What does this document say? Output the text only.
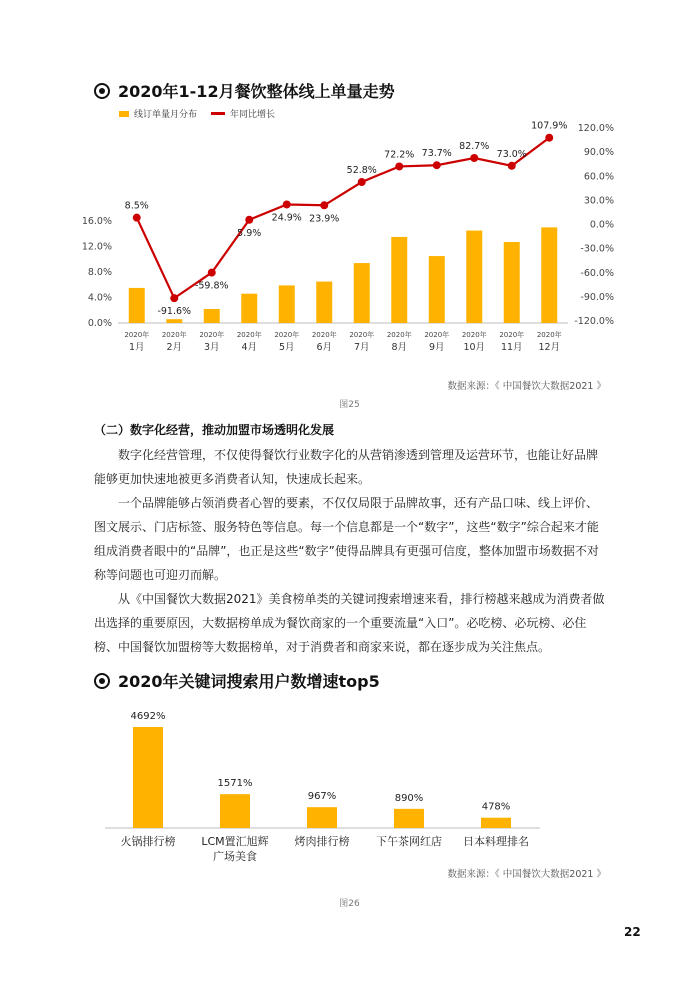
2020年1-12月餐饮整体线上单量走势
线订单量月分布	年同比增长
0.0%
4.0%
8.0%
12.0%
16.0%
120.0%
90.0%
60.0%
30.0%
0.0%
-30.0%
-60.0%
-90.0%
-120.0%
2020年
1月
2020年
2月
2020年
3月
2020年
4月
2020年
5月
2020年
6月
2020年
7月
2020年
8月
2020年
9月
2020年
10月
2020年
11月
2020年
12月
8.5%
-91.6%
-59.8%
5.9%
24.9% 23.9%
52.8%
72.2% 73.7%
82.7%
73.0%
107.9%
数据来源：《 中国餐饮大数据2021 》
图25
（二）数字化经营，推动加盟市场透明化发展
数字化经营管理，不仅使得餐饮行业数字化的从营销渗透到管理及运营环节，也能让好品牌能够更加快速地被更多消费者认知，快速成长起来。
一个品牌能够占领消费者心智的要素，不仅仅局限于品牌故事，还有产品口味、线上评价、图文展示、门店标签、服务特色等信息。每一个信息都是一个“数字”，这些“数字”综合起来才能组成消费者眼中的“品牌”，也正是这些“数字”使得品牌具有更强可信度，整体加盟市场数据不对称等问题也可迎刃而解。
从《中国餐饮大数据2021》美食榜单类的关键词搜索增速来看，排行榜越来越成为消费者做出选择的重要原因，大数据榜单成为餐饮商家的一个重要流量“入口”。必吃榜、必玩榜、必住榜、中国餐饮加盟榜等大数据榜单，对于消费者和商家来说，都在逐步成为关注焦点。
2020年关键词搜索用户数增速top5
4692%
火锅排行榜
1571%
LCM置汇旭辉
广场美食
967%
烤肉排行榜
890%
下午茶网红店
478%
日本料理排名
数据来源：《 中国餐饮大数据2021 》
图26
22
